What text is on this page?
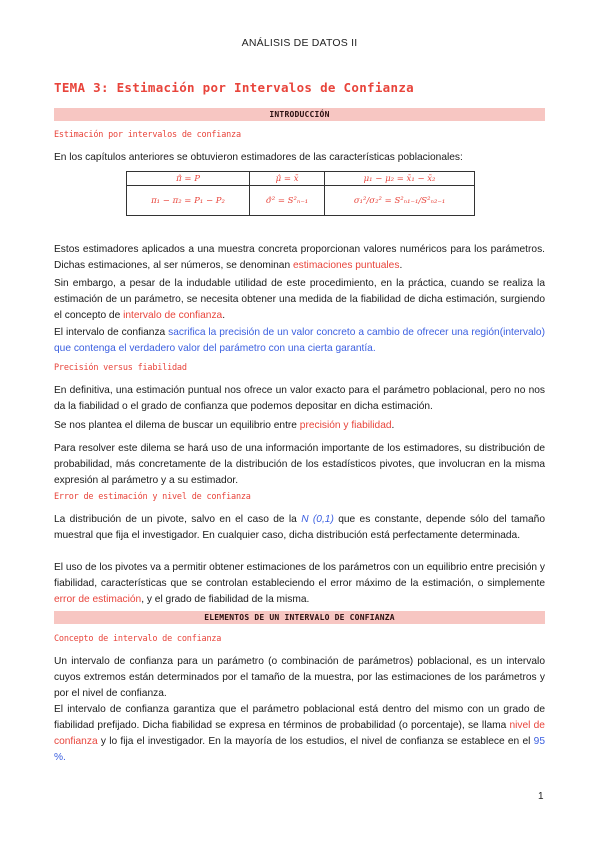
ANÁLISIS DE DATOS II
TEMA 3: Estimación por Intervalos de Confianza
INTRODUCCIÓN
Estimación por intervalos de confianza
En los capítulos anteriores se obtuvieron estimadores de las características poblacionales:
π̂ = P	μ̂ = x̄	μ₁ − μ₂ = x̄₁ − x̄₂
π₁ − π₂ = P₁ − P₂	σ̂² = S²ₙ₋₁	σ₁²/σ₂² = S²ₙ₁₋₁/S²ₙ₂₋₁
Estos estimadores aplicados a una muestra concreta proporcionan valores numéricos para los parámetros. Dichas estimaciones, al ser números, se denominan estimaciones puntuales.
Sin embargo, a pesar de la indudable utilidad de este procedimiento, en la práctica, cuando se realiza la estimación de un parámetro, se necesita obtener una medida de la fiabilidad de dicha estimación, surgiendo el concepto de intervalo de confianza.
El intervalo de confianza sacrifica la precisión de un valor concreto a cambio de ofrecer una región(intervalo) que contenga el verdadero valor del parámetro con una cierta garantía.
Precisión versus fiabilidad
En definitiva, una estimación puntual nos ofrece un valor exacto para el parámetro poblacional, pero no nos da la fiabilidad o el grado de confianza que podemos depositar en dicha estimación.
Se nos plantea el dilema de buscar un equilibrio entre precisión y fiabilidad.
Para resolver este dilema se hará uso de una información importante de los estimadores, su distribución de probabilidad, más concretamente de la distribución de los estadísticos pivotes, que involucran en la misma expresión al parámetro y a su estimador.
Error de estimación y nivel de confianza
La distribución de un pivote, salvo en el caso de la N (0,1) que es constante, depende sólo del tamaño muestral que fija el investigador. En cualquier caso, dicha distribución está perfectamente determinada.
El uso de los pivotes va a permitir obtener estimaciones de los parámetros con un equilibrio entre precisión y fiabilidad, características que se controlan estableciendo el error máximo de la estimación, o simplemente error de estimación, y el grado de fiabilidad de la misma.
ELEMENTOS DE UN INTERVALO DE CONFIANZA
Concepto de intervalo de confianza
Un intervalo de confianza para un parámetro (o combinación de parámetros) poblacional, es un intervalo cuyos extremos están determinados por el tamaño de la muestra, por las estimaciones de los parámetros y por el nivel de confianza.
El intervalo de confianza garantiza que el parámetro poblacional está dentro del mismo con un grado de fiabilidad prefijado. Dicha fiabilidad se expresa en términos de probabilidad (o porcentaje), se llama nivel de confianza y lo fija el investigador. En la mayoría de los estudios, el nivel de confianza se establece en el 95 %.
1
